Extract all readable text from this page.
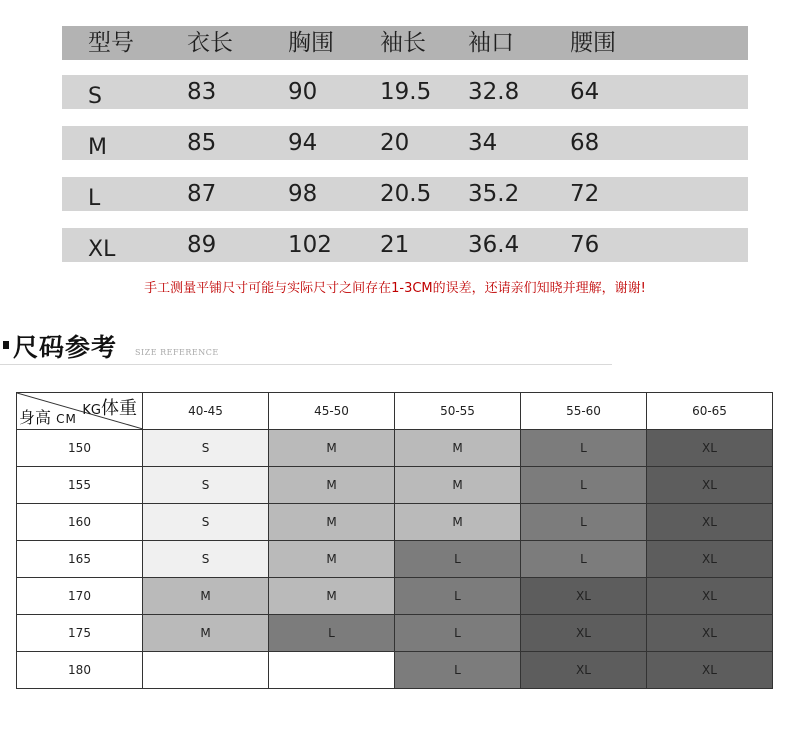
型号 衣长 胸围 袖长 袖口 腰围
S	83	90	19.5 32.8 64
M	85	94	20	34	68
L	87	98	20.5 35.2 72
XL	89	102 21	36.4 76
手工测量平铺尺寸可能与实际尺寸之间存在1-3CM的误差，还请亲们知晓并理解，谢谢!
尺码参考 SIZE REFERENCE
KG体重
身高 CM	40-45	45-50	50-55	55-60	60-65
150	S	M	M	L	XL
155	S	M	M	L	XL
160	S	M	M	L	XL
165	S	M	L	L	XL
170	M	M	L	XL	XL
175	M	L	L	XL	XL
180			L	XL	XL
